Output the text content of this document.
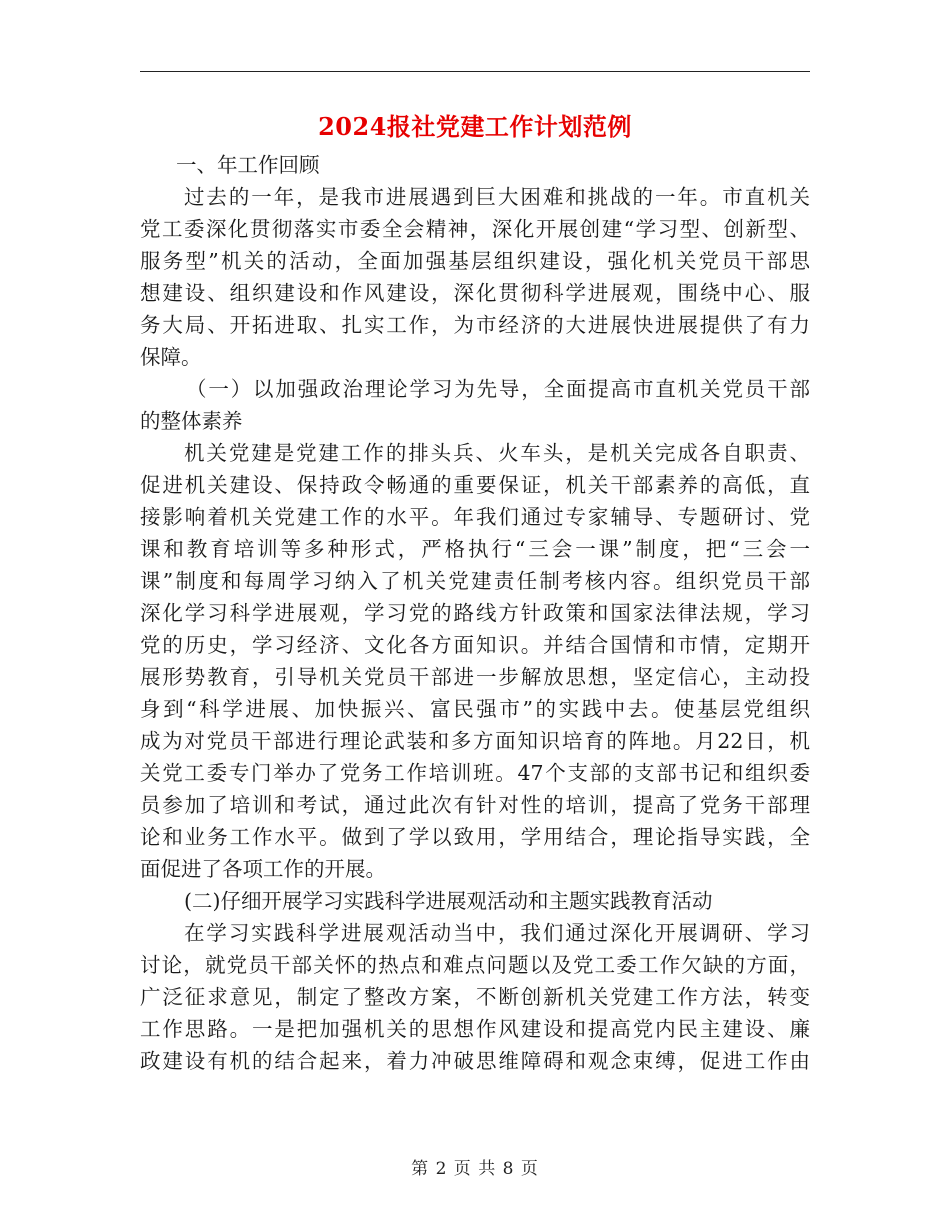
2024报社党建工作计划范例

一、年工作回顾

过去的一年，是我市进展遇到巨大困难和挑战的一年。市直机关
党工委深化贯彻落实市委全会精神，深化开展创建“学习型、创新型、
服务型”机关的活动，全面加强基层组织建设，强化机关党员干部思
想建设、组织建设和作风建设，深化贯彻科学进展观，围绕中心、服
务大局、开拓进取、扎实工作，为市经济的大进展快进展提供了有力
保障。

（一）以加强政治理论学习为先导，全面提高市直机关党员干部
的整体素养

机关党建是党建工作的排头兵、火车头，是机关完成各自职责、
促进机关建设、保持政令畅通的重要保证，机关干部素养的高低，直
接影响着机关党建工作的水平。年我们通过专家辅导、专题研讨、党
课和教育培训等多种形式，严格执行“三会一课”制度，把“三会一
课”制度和每周学习纳入了机关党建责任制考核内容。组织党员干部
深化学习科学进展观，学习党的路线方针政策和国家法律法规，学习
党的历史，学习经济、文化各方面知识。并结合国情和市情，定期开
展形势教育，引导机关党员干部进一步解放思想，坚定信心，主动投
身到“科学进展、加快振兴、富民强市”的实践中去。使基层党组织
成为对党员干部进行理论武装和多方面知识培育的阵地。月22日，机
关党工委专门举办了党务工作培训班。47个支部的支部书记和组织委
员参加了培训和考试，通过此次有针对性的培训，提高了党务干部理
论和业务工作水平。做到了学以致用，学用结合，理论指导实践，全
面促进了各项工作的开展。

(二)仔细开展学习实践科学进展观活动和主题实践教育活动

在学习实践科学进展观活动当中，我们通过深化开展调研、学习
讨论，就党员干部关怀的热点和难点问题以及党工委工作欠缺的方面，
广泛征求意见，制定了整改方案，不断创新机关党建工作方法，转变
工作思路。一是把加强机关的思想作风建设和提高党内民主建设、廉
政建设有机的结合起来，着力冲破思维障碍和观念束缚，促进工作由

第 2 页 共 8 页
